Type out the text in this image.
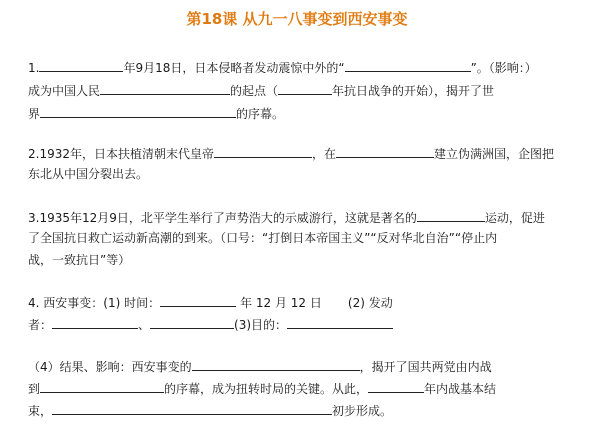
第18课 从九一八事变到西安事变
1.	年9月18日，日本侵略者发动震惊中外的“	”。（影响：）
成为中国人民	的起点（	年抗日战争的开始），揭开了世
界	的序幕。
2.1932年，日本扶植清朝末代皇帝	，在	建立伪满洲国，企图把
东北从中国分裂出去。
3.1935年12月9日，北平学生举行了声势浩大的示威游行，这就是著名的	运动，促进
了全国抗日救亡运动新高潮的到来。（口号：“打倒日本帝国主义”“反对华北自治”“停止内
战，一致抗日”等）
4. 西安事变：(1) 时间：	年 12 月 12 日 (2) 发动
者：	、	(3)目的：
（4）结果、影响：西安事变的	，揭开了国共两党由内战
到	的序幕，成为扭转时局的关键。从此，	年内战基本结
束，	初步形成。
